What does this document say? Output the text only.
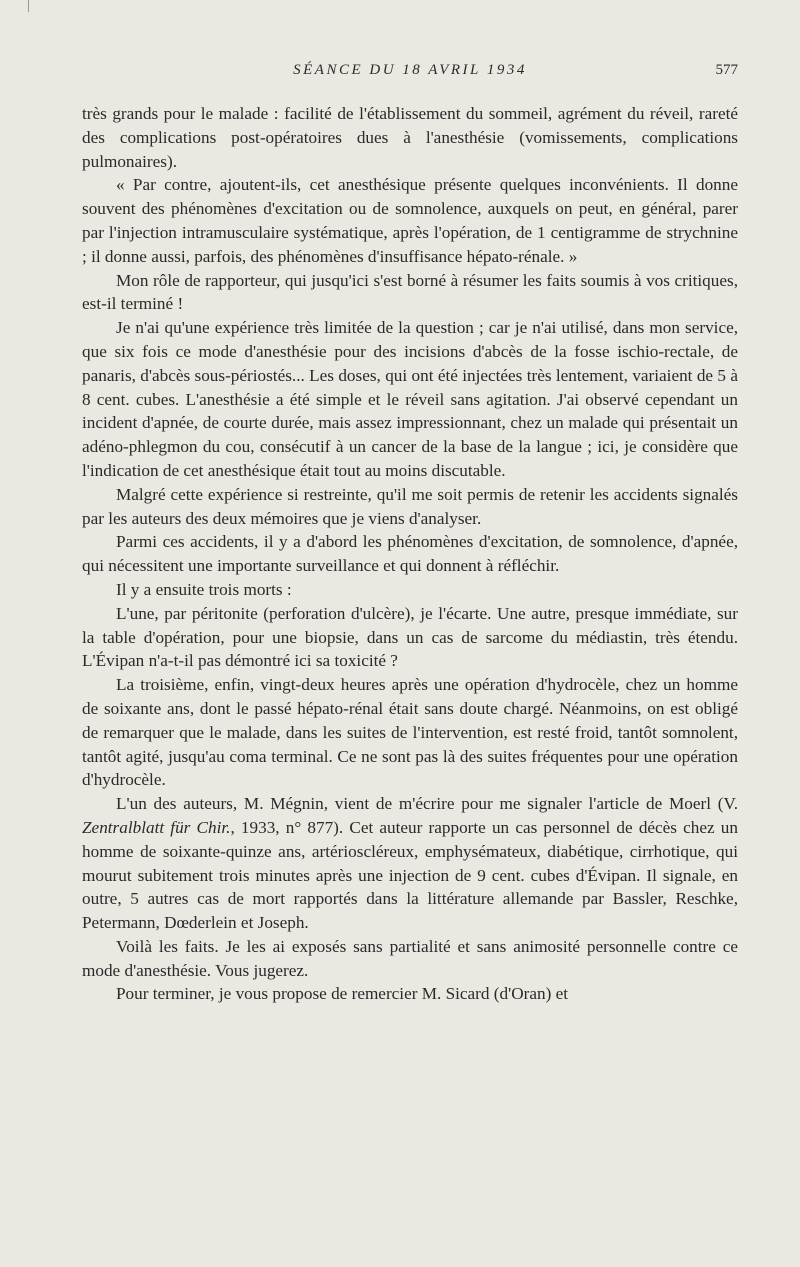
SÉANCE DU 18 AVRIL 1934	577

très grands pour le malade : facilité de l'établissement du sommeil, agrément du réveil, rareté des complications post-opératoires dues à l'anesthésie (vomissements, complications pulmonaires).

« Par contre, ajoutent-ils, cet anesthésique présente quelques inconvénients. Il donne souvent des phénomènes d'excitation ou de somnolence, auxquels on peut, en général, parer par l'injection intramusculaire systématique, après l'opération, de 1 centigramme de strychnine ; il donne aussi, parfois, des phénomènes d'insuffisance hépato-rénale. »

Mon rôle de rapporteur, qui jusqu'ici s'est borné à résumer les faits soumis à vos critiques, est-il terminé !

Je n'ai qu'une expérience très limitée de la question ; car je n'ai utilisé, dans mon service, que six fois ce mode d'anesthésie pour des incisions d'abcès de la fosse ischio-rectale, de panaris, d'abcès sous-périostés... Les doses, qui ont été injectées très lentement, variaient de 5 à 8 cent. cubes. L'anesthésie a été simple et le réveil sans agitation. J'ai observé cependant un incident d'apnée, de courte durée, mais assez impressionnant, chez un malade qui présentait un adéno-phlegmon du cou, consécutif à un cancer de la base de la langue ; ici, je considère que l'indication de cet anesthésique était tout au moins discutable.

Malgré cette expérience si restreinte, qu'il me soit permis de retenir les accidents signalés par les auteurs des deux mémoires que je viens d'analyser.

Parmi ces accidents, il y a d'abord les phénomènes d'excitation, de somnolence, d'apnée, qui nécessitent une importante surveillance et qui donnent à réfléchir.

Il y a ensuite trois morts :

L'une, par péritonite (perforation d'ulcère), je l'écarte. Une autre, presque immédiate, sur la table d'opération, pour une biopsie, dans un cas de sarcome du médiastin, très étendu. L'Évipan n'a-t-il pas démontré ici sa toxicité ?

La troisième, enfin, vingt-deux heures après une opération d'hydrocèle, chez un homme de soixante ans, dont le passé hépato-rénal était sans doute chargé. Néanmoins, on est obligé de remarquer que le malade, dans les suites de l'intervention, est resté froid, tantôt somnolent, tantôt agité, jusqu'au coma terminal. Ce ne sont pas là des suites fréquentes pour une opération d'hydrocèle.

L'un des auteurs, M. Mégnin, vient de m'écrire pour me signaler l'article de Moerl (V. Zentralblatt für Chir., 1933, n° 877). Cet auteur rapporte un cas personnel de décès chez un homme de soixante-quinze ans, artérioscléreux, emphysémateux, diabétique, cirrhotique, qui mourut subitement trois minutes après une injection de 9 cent. cubes d'Évipan. Il signale, en outre, 5 autres cas de mort rapportés dans la littérature allemande par Bassler, Reschke, Petermann, Dœderlein et Joseph.

Voilà les faits. Je les ai exposés sans partialité et sans animosité personnelle contre ce mode d'anesthésie. Vous jugerez.

Pour terminer, je vous propose de remercier M. Sicard (d'Oran) et
